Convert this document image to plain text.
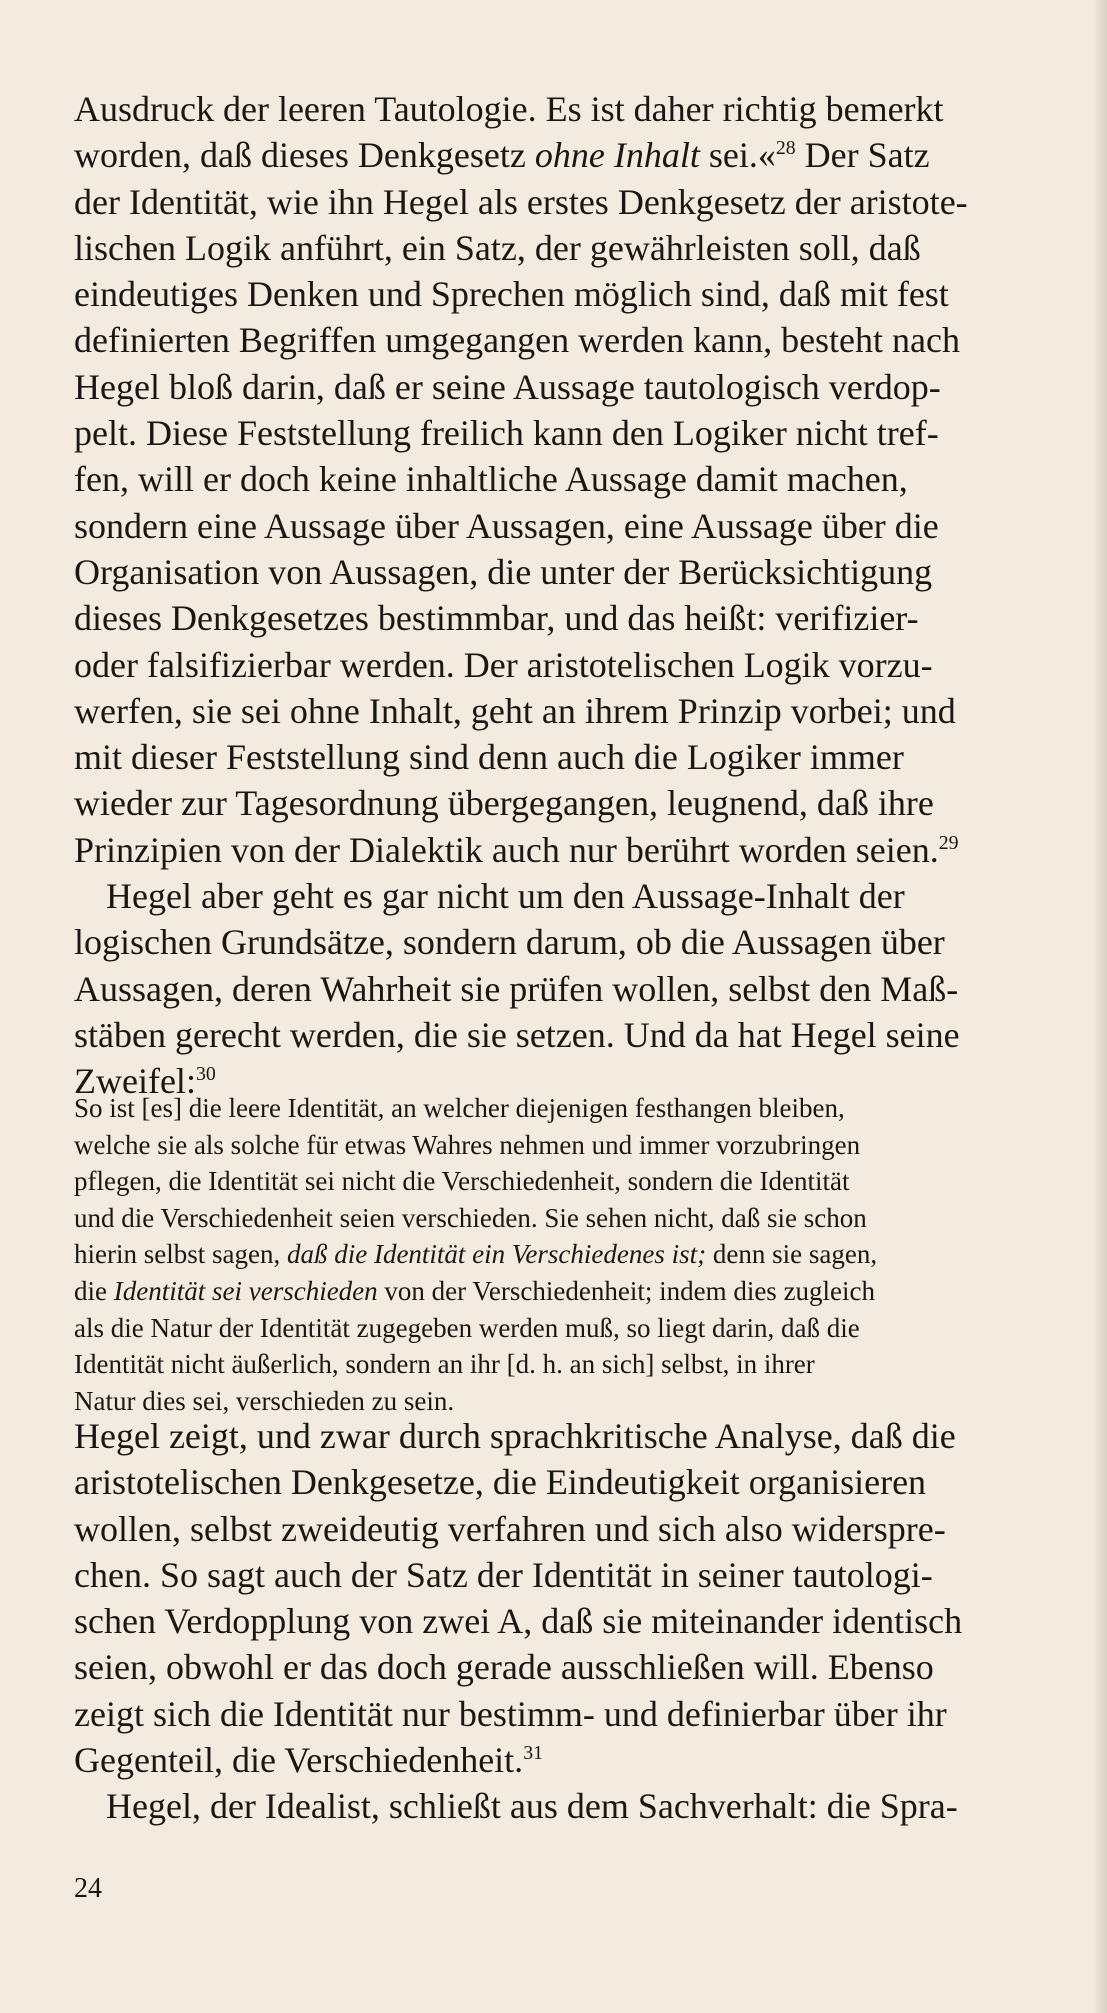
Ausdruck der leeren Tautologie. Es ist daher richtig bemerkt
worden, daß dieses Denkgesetz ohne Inhalt sei.«$^{28}$ Der Satz
der Identität, wie ihn Hegel als erstes Denkgesetz der aristote-
lischen Logik anführt, ein Satz, der gewährleisten soll, daß
eindeutiges Denken und Sprechen möglich sind, daß mit fest
definierten Begriffen umgegangen werden kann, besteht nach
Hegel bloß darin, daß er seine Aussage tautologisch verdop-
pelt. Diese Feststellung freilich kann den Logiker nicht tref-
fen, will er doch keine inhaltliche Aussage damit machen,
sondern eine Aussage über Aussagen, eine Aussage über die
Organisation von Aussagen, die unter der Berücksichtigung
dieses Denkgesetzes bestimmbar, und das heißt: verifizier-
oder falsifizierbar werden. Der aristotelischen Logik vorzu-
werfen, sie sei ohne Inhalt, geht an ihrem Prinzip vorbei; und
mit dieser Feststellung sind denn auch die Logiker immer
wieder zur Tagesordnung übergegangen, leugnend, daß ihre
Prinzipien von der Dialektik auch nur berührt worden seien.$^{29}$
Hegel aber geht es gar nicht um den Aussage-Inhalt der
logischen Grundsätze, sondern darum, ob die Aussagen über
Aussagen, deren Wahrheit sie prüfen wollen, selbst den Maß-
stäben gerecht werden, die sie setzen. Und da hat Hegel seine
Zweifel:$^{30}$
So ist [es] die leere Identität, an welcher diejenigen festhangen bleiben,
welche sie als solche für etwas Wahres nehmen und immer vorzubringen
pflegen, die Identität sei nicht die Verschiedenheit, sondern die Identität
und die Verschiedenheit seien verschieden. Sie sehen nicht, daß sie schon
hierin selbst sagen, daß die Identität ein Verschiedenes ist; denn sie sagen,
die Identität sei verschieden von der Verschiedenheit; indem dies zugleich
als die Natur der Identität zugegeben werden muß, so liegt darin, daß die
Identität nicht äußerlich, sondern an ihr [d. h. an sich] selbst, in ihrer
Natur dies sei, verschieden zu sein.
Hegel zeigt, und zwar durch sprachkritische Analyse, daß die
aristotelischen Denkgesetze, die Eindeutigkeit organisieren
wollen, selbst zweideutig verfahren und sich also widerspre-
chen. So sagt auch der Satz der Identität in seiner tautologi-
schen Verdopplung von zwei A, daß sie miteinander identisch
seien, obwohl er das doch gerade ausschließen will. Ebenso
zeigt sich die Identität nur bestimm- und definierbar über ihr
Gegenteil, die Verschiedenheit.$^{31}$
Hegel, der Idealist, schließt aus dem Sachverhalt: die Spra-
24
